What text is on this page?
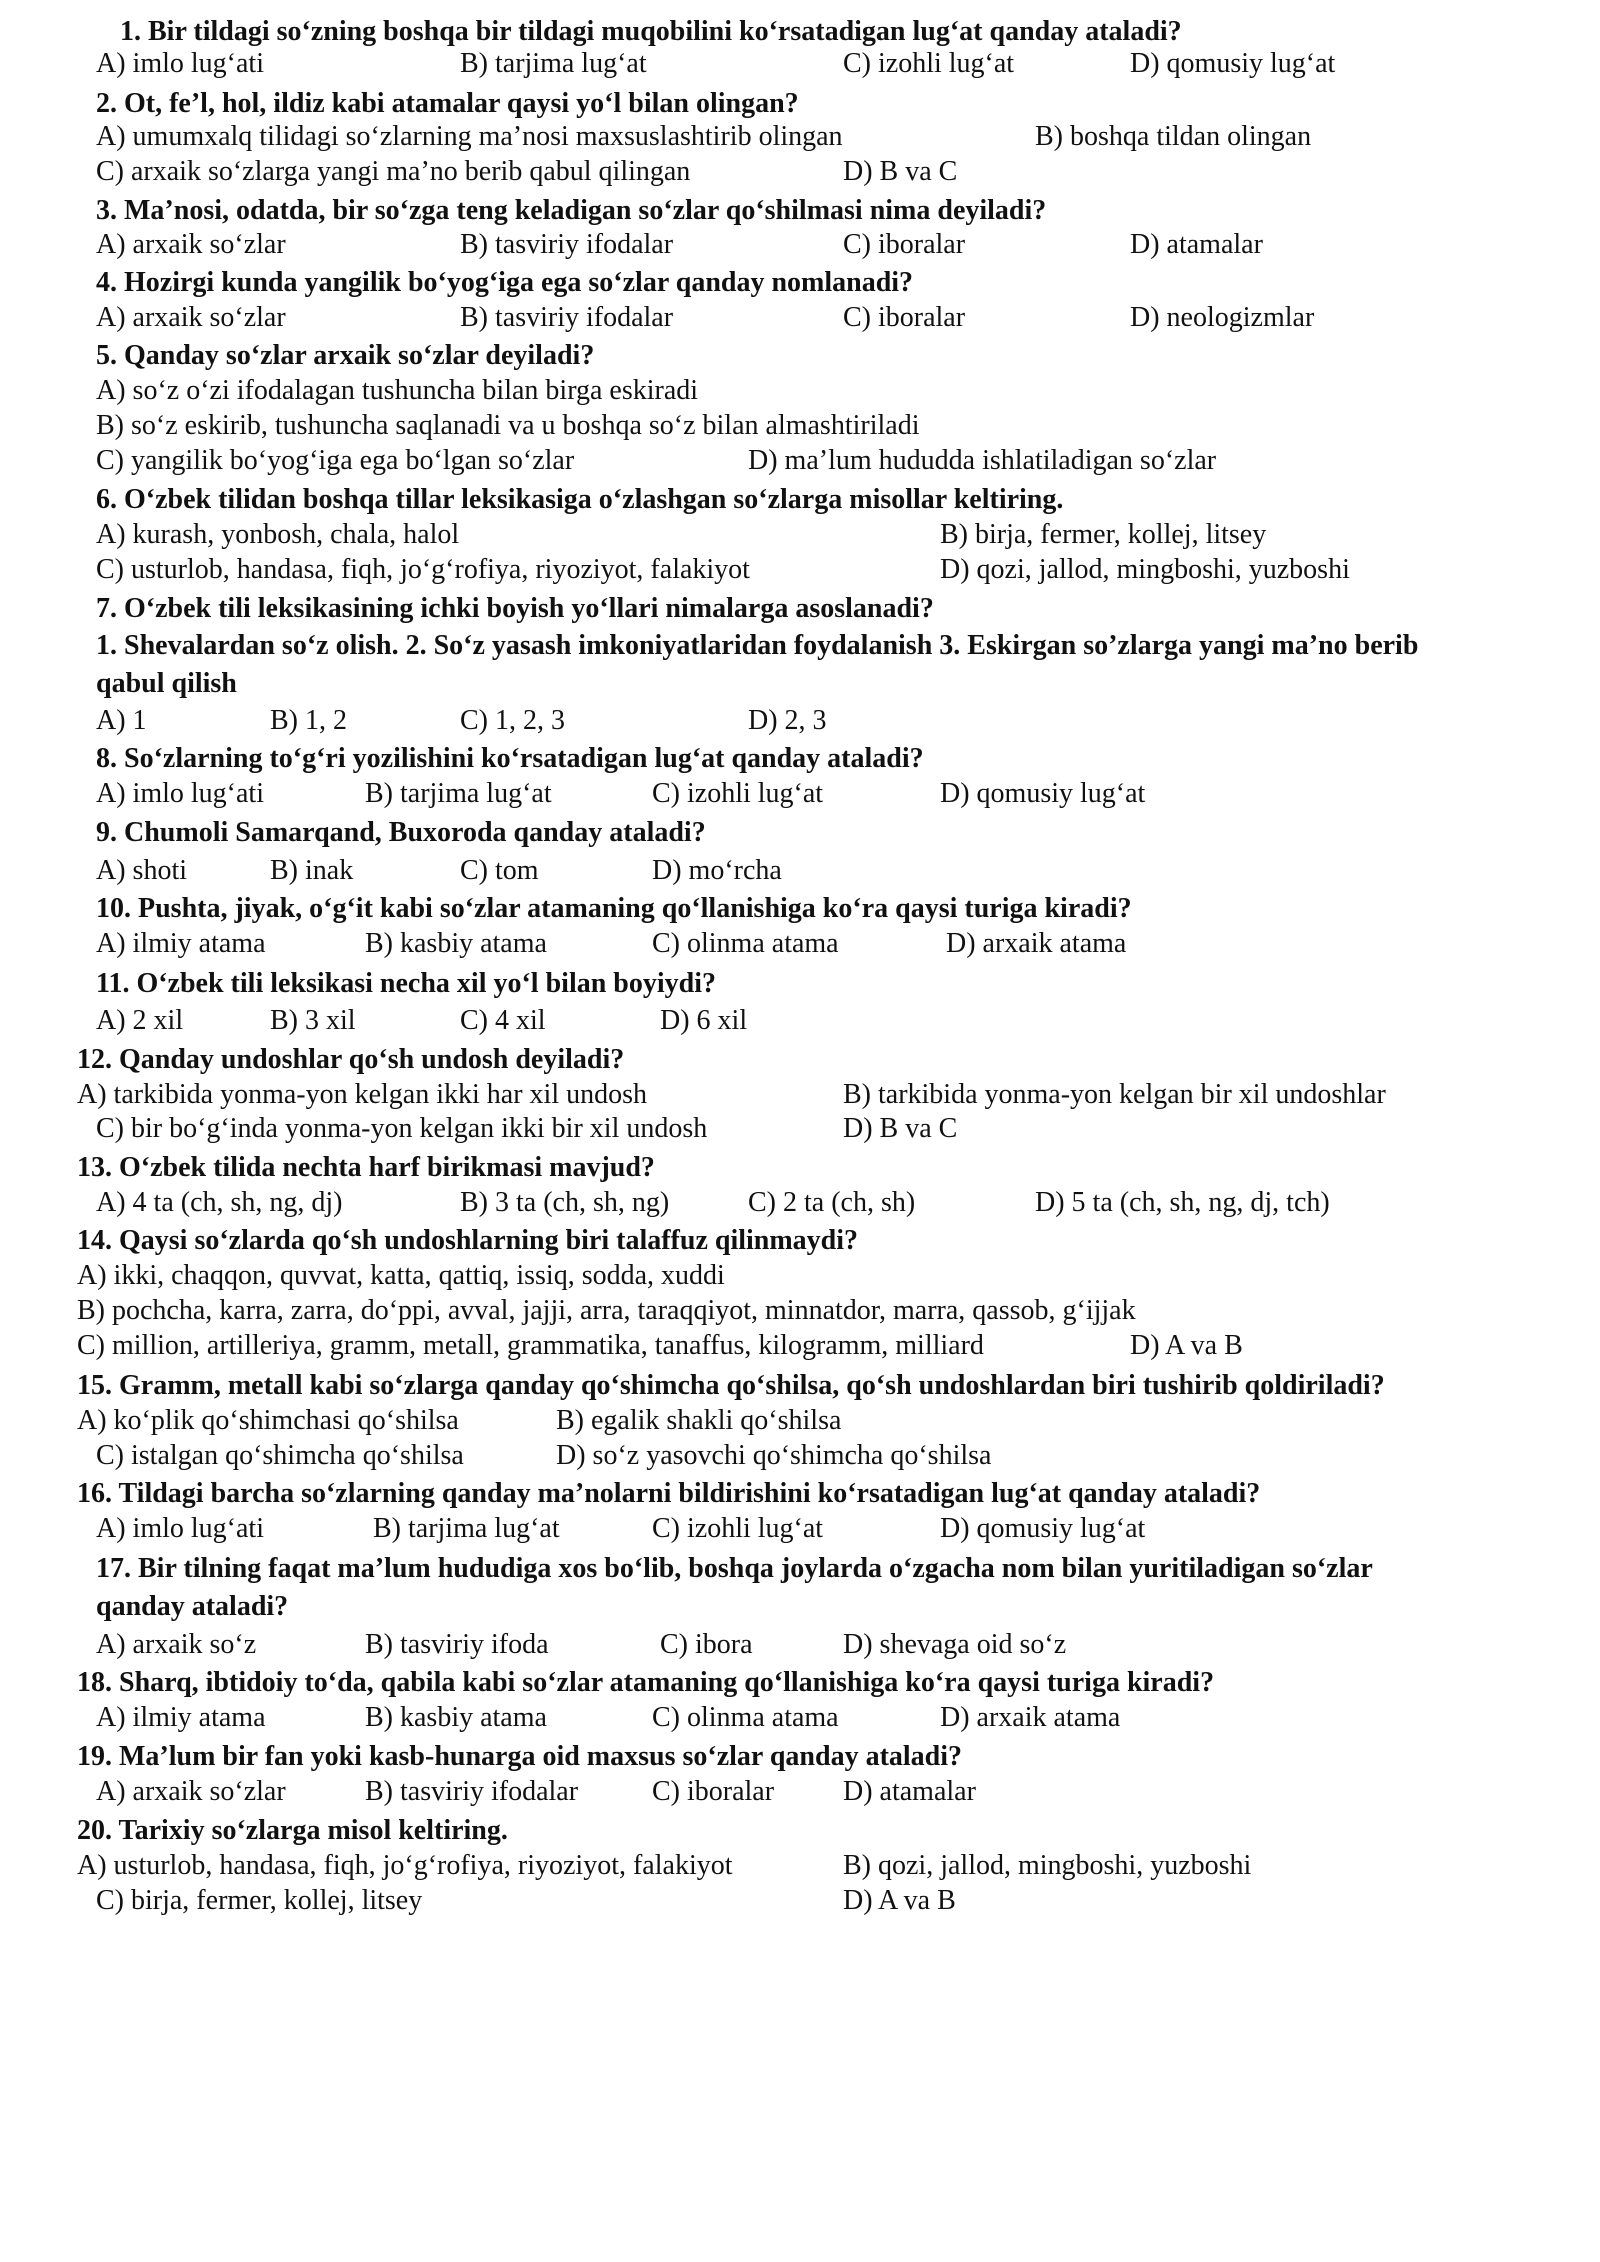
1. Bir tildagi so‘zning boshqa bir tildagi muqobilini ko‘rsatadigan lug‘at qanday ataladi?
A) imlo lug‘ati	B) tarjima lug‘at	C) izohli lug‘at	D) qomusiy lug‘at
2. Ot, fe’l, hol, ildiz kabi atamalar qaysi yo‘l bilan olingan?
A) umumxalq tilidagi so‘zlarning ma’nosi maxsuslashtirib olingan	B) boshqa tildan olingan
C) arxaik so‘zlarga yangi ma’no berib qabul qilingan	D) B va C
3. Ma’nosi, odatda, bir so‘zga teng keladigan so‘zlar qo‘shilmasi nima deyiladi?
A) arxaik so‘zlar	B) tasviriy ifodalar	C) iboralar	D) atamalar
4. Hozirgi kunda yangilik bo‘yog‘iga ega so‘zlar qanday nomlanadi?
A) arxaik so‘zlar	B) tasviriy ifodalar	C) iboralar	D) neologizmlar
5. Qanday so‘zlar arxaik so‘zlar deyiladi?
A) so‘z o‘zi ifodalagan tushuncha bilan birga eskiradi
B) so‘z eskirib, tushuncha saqlanadi va u boshqa so‘z bilan almashtiriladi
C) yangilik bo‘yog‘iga ega bo‘lgan so‘zlar	D) ma’lum hududda ishlatiladigan so‘zlar
6. O‘zbek tilidan boshqa tillar leksikasiga o‘zlashgan so‘zlarga misollar keltiring.
A) kurash, yonbosh, chala, halol	B) birja, fermer, kollej, litsey
C) usturlob, handasa, fiqh, jo‘g‘rofiya, riyoziyot, falakiyot	D) qozi, jallod, mingboshi, yuzboshi
7. O‘zbek tili leksikasining ichki boyish yo‘llari nimalarga asoslanadi?
1. Shevalardan so‘z olish. 2. So‘z yasash imkoniyatlaridan foydalanish 3. Eskirgan so’zlarga yangi ma’no berib
qabul qilish
A) 1	B) 1, 2	C) 1, 2, 3	D) 2, 3
8. So‘zlarning to‘g‘ri yozilishini ko‘rsatadigan lug‘at qanday ataladi?
A) imlo lug‘ati	B) tarjima lug‘at	C) izohli lug‘at	D) qomusiy lug‘at
9. Chumoli Samarqand, Buxoroda qanday ataladi?
A) shoti	B) inak	C) tom	D) mo‘rcha
10. Pushta, jiyak, o‘g‘it kabi so‘zlar atamaning qo‘llanishiga ko‘ra qaysi turiga kiradi?
A) ilmiy atama	B) kasbiy atama	C) olinma atama	D) arxaik atama
11. O‘zbek tili leksikasi necha xil yo‘l bilan boyiydi?
A) 2 xil	B) 3 xil	C) 4 xil	D) 6 xil
12. Qanday undoshlar qo‘sh undosh deyiladi?
A) tarkibida yonma-yon kelgan ikki har xil undosh	B) tarkibida yonma-yon kelgan bir xil undoshlar
C) bir bo‘g‘inda yonma-yon kelgan ikki bir xil undosh	D) B va C
13. O‘zbek tilida nechta harf birikmasi mavjud?
A) 4 ta (ch, sh, ng, dj)	B) 3 ta (ch, sh, ng)	C) 2 ta (ch, sh)	D) 5 ta (ch, sh, ng, dj, tch)
14. Qaysi so‘zlarda qo‘sh undoshlarning biri talaffuz qilinmaydi?
A) ikki, chaqqon, quvvat, katta, qattiq, issiq, sodda, xuddi
B) pochcha, karra, zarra, do‘ppi, avval, jajji, arra, taraqqiyot, minnatdor, marra, qassob, g‘ijjak
C) million, artilleriya, gramm, metall, grammatika, tanaffus, kilogramm, milliard	D) A va B
15. Gramm, metall kabi so‘zlarga qanday qo‘shimcha qo‘shilsa, qo‘sh undoshlardan biri tushirib qoldiriladi?
A) ko‘plik qo‘shimchasi qo‘shilsa	B) egalik shakli qo‘shilsa
C) istalgan qo‘shimcha qo‘shilsa	D) so‘z yasovchi qo‘shimcha qo‘shilsa
16. Tildagi barcha so‘zlarning qanday ma’nolarni bildirishini ko‘rsatadigan lug‘at qanday ataladi?
A) imlo lug‘ati	B) tarjima lug‘at	C) izohli lug‘at	D) qomusiy lug‘at
17. Bir tilning faqat ma’lum hududiga xos bo‘lib, boshqa joylarda o‘zgacha nom bilan yuritiladigan so‘zlar
qanday ataladi?
A) arxaik so‘z	B) tasviriy ifoda	C) ibora	D) shevaga oid so‘z
18. Sharq, ibtidoiy to‘da, qabila kabi so‘zlar atamaning qo‘llanishiga ko‘ra qaysi turiga kiradi?
A) ilmiy atama	B) kasbiy atama	C) olinma atama	D) arxaik atama
19. Ma’lum bir fan yoki kasb-hunarga oid maxsus so‘zlar qanday ataladi?
A) arxaik so‘zlar	B) tasviriy ifodalar	C) iboralar D) atamalar
20. Tarixiy so‘zlarga misol keltiring.
A) usturlob, handasa, fiqh, jo‘g‘rofiya, riyoziyot, falakiyot	B) qozi, jallod, mingboshi, yuzboshi
C) birja, fermer, kollej, litsey	D) A va B
